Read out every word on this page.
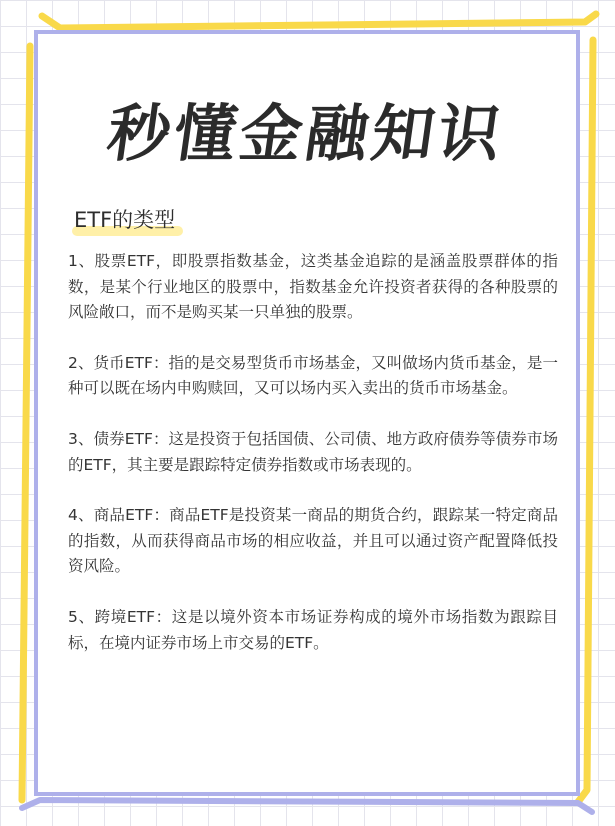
秒懂金融知识
ETF的类型

1、股票ETF，即股票指数基金，这类基金追踪的是涵盖股票群体的指数，是某个行业地区的股票中，指数基金允许投资者获得的各种股票的风险敞口，而不是购买某一只单独的股票。

2、货币ETF：指的是交易型货币市场基金，又叫做场内货币基金，是一种可以既在场内申购赎回，又可以场内买入卖出的货币市场基金。

3、债券ETF：这是投资于包括国债、公司债、地方政府债券等债券市场的ETF，其主要是跟踪特定债券指数或市场表现的。

4、商品ETF：商品ETF是投资某一商品的期货合约，跟踪某一特定商品的指数，从而获得商品市场的相应收益，并且可以通过资产配置降低投资风险。

5、跨境ETF：这是以境外资本市场证券构成的境外市场指数为跟踪目标，在境内证券市场上市交易的ETF。
